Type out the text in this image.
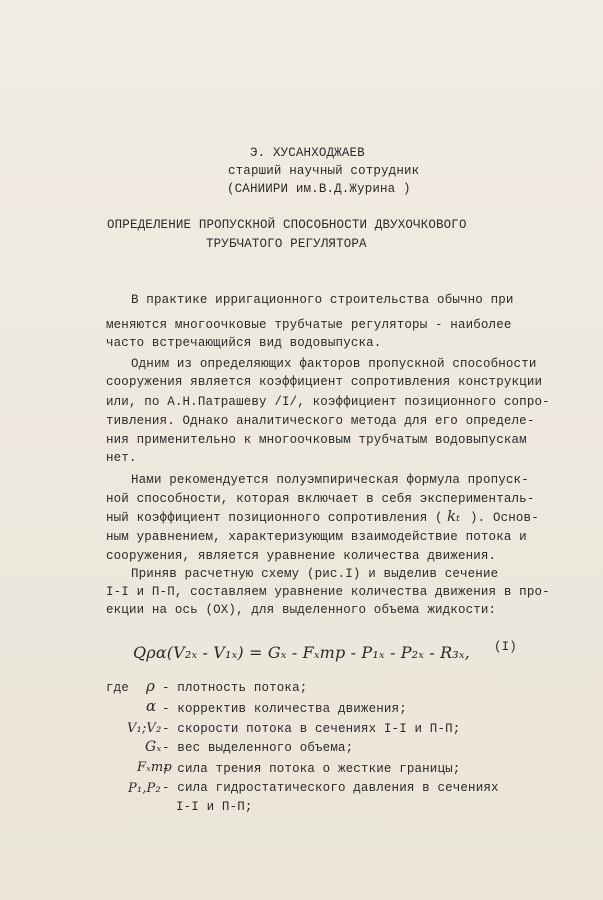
Э. ХУСАНХОДЖАЕВ
старший научный сотрудник
(САНИИРИ им.В.Д.Журина )
ОПРЕДЕЛЕНИЕ ПРОПУСКНОЙ СПОСОБНОСТИ ДВУХОЧКОВОГО
ТРУБЧАТОГО РЕГУЛЯТОРА
В практике ирригационного строительства обычно при
меняются многоочковые трубчатые регуляторы - наиболее
часто встречающийся вид водовыпуска.
Одним из определяющих факторов пропускной способности
сооружения является коэффициент сопротивления конструкции
или, по А.Н.Патрашеву /I/, коэффициент позиционного сопро-
тивления. Однако аналитического метода для его определе-
ния применительно к многоочковым трубчатым водовыпускам
нет.
Нами рекомендуется полуэмпирическая формула пропуск-
ной способности, которая включает в себя эксперименталь-
ный коэффициент позиционного сопротивления ( kₜ ). Основ-
ным уравнением, характеризующим взаимодействие потока и
сооружения, является уравнение количества движения.
Приняв расчетную схему (рис.I) и выделив сечение
I-I и П-П, составляем уравнение количества движения в про-
екции на ось (ОХ), для выделенного объема жидкости:
Qρα(V₂ₓ - V₁ₓ) = Gₓ - Fₓтр - P₁ₓ - P₂ₓ - R₃ₓ, (I)
где ρ - плотность потока;
α - корректив количества движения;
V₁;V₂ - скорости потока в сечениях I-I и П-П;
Gₓ - вес выделенного объема;
Fₓтр
- сила трения потока о жесткие границы;
P₁,P₂ - сила гидростатического давления в сечениях
I-I и П-П;
